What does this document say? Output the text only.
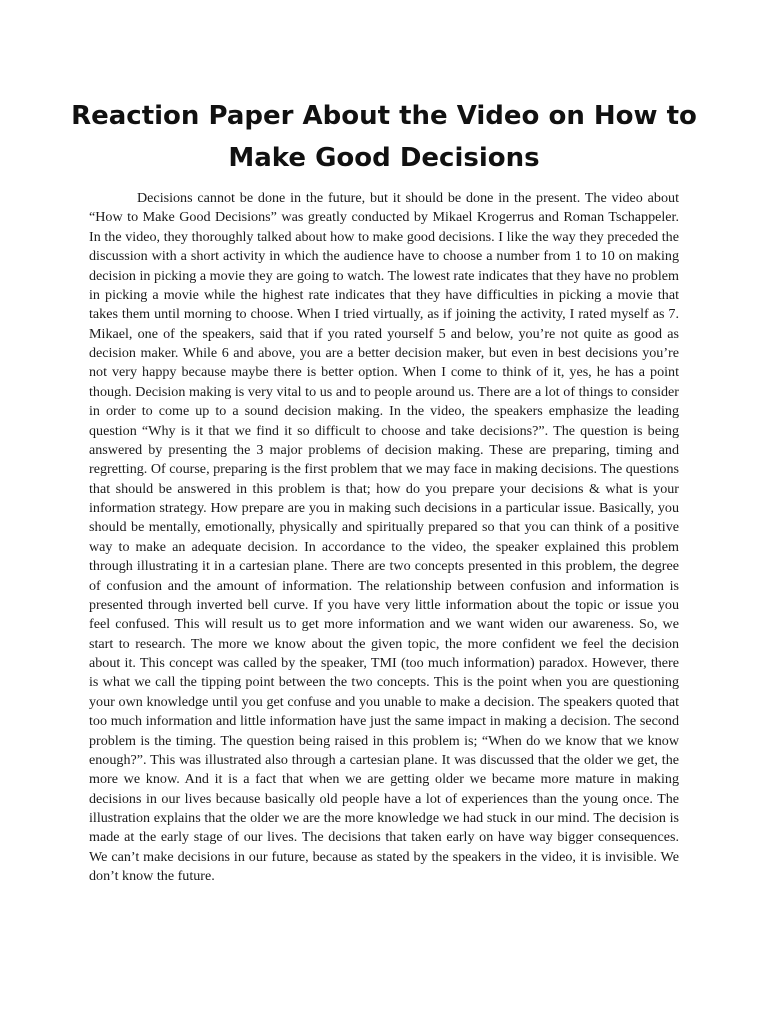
Reaction Paper About the Video on How to Make Good Decisions

Decisions cannot be done in the future, but it should be done in the present. The video about “How to Make Good Decisions” was greatly conducted by Mikael Krogerrus and Roman Tschappeler. In the video, they thoroughly talked about how to make good decisions. I like the way they preceded the discussion with a short activity in which the audience have to choose a number from 1 to 10 on making decision in picking a movie they are going to watch. The lowest rate indicates that they have no problem in picking a movie while the highest rate indicates that they have difficulties in picking a movie that takes them until morning to choose. When I tried virtually, as if joining the activity, I rated myself as 7. Mikael, one of the speakers, said that if you rated yourself 5 and below, you’re not quite as good as decision maker. While 6 and above, you are a better decision maker, but even in best decisions you’re not very happy because maybe there is better option. When I come to think of it, yes, he has a point though. Decision making is very vital to us and to people around us. There are a lot of things to consider in order to come up to a sound decision making. In the video, the speakers emphasize the leading question “Why is it that we find it so difficult to choose and take decisions?”. The question is being answered by presenting the 3 major problems of decision making. These are preparing, timing and regretting. Of course, preparing is the first problem that we may face in making decisions. The questions that should be answered in this problem is that; how do you prepare your decisions & what is your information strategy. How prepare are you in making such decisions in a particular issue. Basically, you should be mentally, emotionally, physically and spiritually prepared so that you can think of a positive way to make an adequate decision. In accordance to the video, the speaker explained this problem through illustrating it in a cartesian plane. There are two concepts presented in this problem, the degree of confusion and the amount of information. The relationship between confusion and information is presented through inverted bell curve. If you have very little information about the topic or issue you feel confused. This will result us to get more information and we want widen our awareness. So, we start to research. The more we know about the given topic, the more confident we feel the decision about it. This concept was called by the speaker, TMI (too much information) paradox. However, there is what we call the tipping point between the two concepts. This is the point when you are questioning your own knowledge until you get confuse and you unable to make a decision. The speakers quoted that too much information and little information have just the same impact in making a decision. The second problem is the timing. The question being raised in this problem is; “When do we know that we know enough?”. This was illustrated also through a cartesian plane. It was discussed that the older we get, the more we know. And it is a fact that when we are getting older we became more mature in making decisions in our lives because basically old people have a lot of experiences than the young once. The illustration explains that the older we are the more knowledge we had stuck in our mind. The decision is made at the early stage of our lives. The decisions that taken early on have way bigger consequences. We can’t make decisions in our future, because as stated by the speakers in the video, it is invisible. We don’t know the future.
